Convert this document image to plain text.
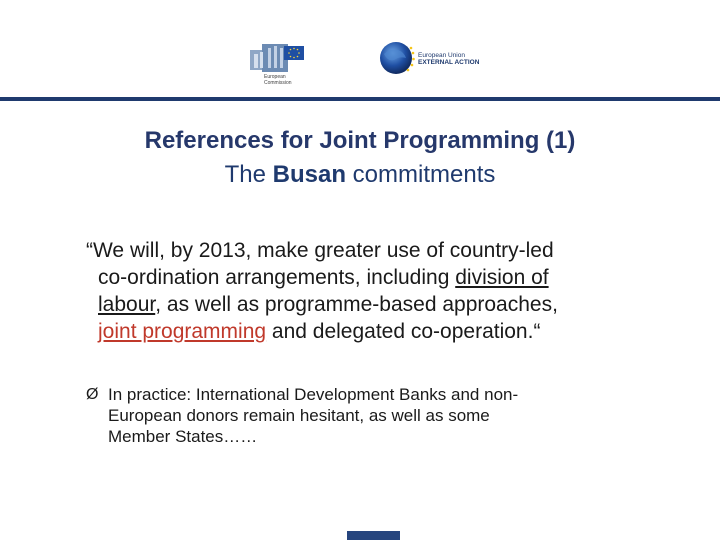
European
Commission
European Union
EXTERNAL ACTION
References for Joint Programming (1)
The Busan commitments
“We will, by 2013, make greater use of country-led
co-ordination arrangements, including division of
labour, as well as programme-based approaches,
joint programming and delegated co-operation.“
Ø In practice: International Development Banks and non-
European donors remain hesitant, as well as some
Member States……
